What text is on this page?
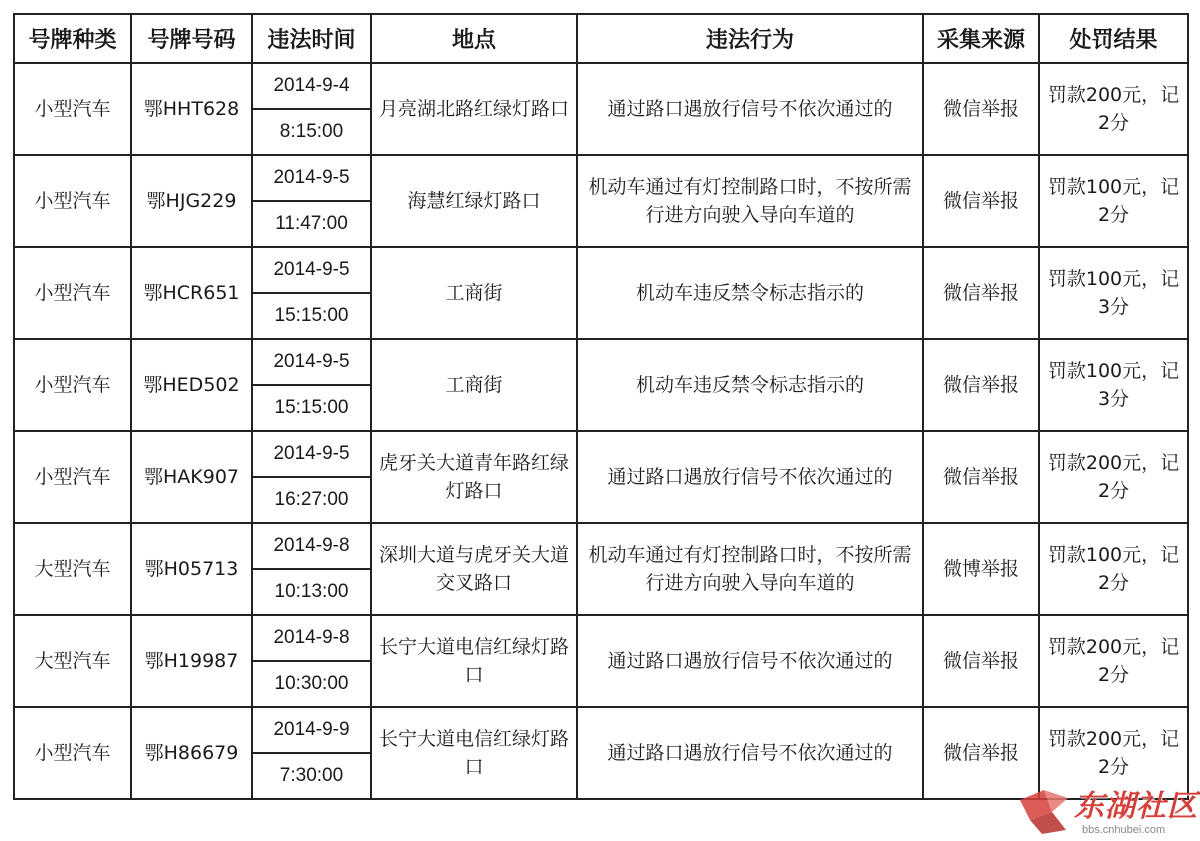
号牌种类	号牌号码	违法时间	地点	违法行为	采集来源	处罚结果
小型汽车	鄂HHT628	2014-9-4	月亮湖北路红绿灯路口	通过路口遇放行信号不依次通过的	微信举报	罚款200元，记2分
		8:15:00				
小型汽车	鄂HJG229	2014-9-5	海慧红绿灯路口	机动车通过有灯控制路口时，不按所需行进方向驶入导向车道的	微信举报	罚款100元，记2分
		11:47:00				
小型汽车	鄂HCR651	2014-9-5	工商街	机动车违反禁令标志指示的	微信举报	罚款100元，记3分
		15:15:00				
小型汽车	鄂HED502	2014-9-5	工商街	机动车违反禁令标志指示的	微信举报	罚款100元，记3分
		15:15:00				
小型汽车	鄂HAK907	2014-9-5	虎牙关大道青年路红绿灯路口	通过路口遇放行信号不依次通过的	微信举报	罚款200元，记2分
		16:27:00				
大型汽车	鄂H05713	2014-9-8	深圳大道与虎牙关大道交叉路口	机动车通过有灯控制路口时，不按所需行进方向驶入导向车道的	微博举报	罚款100元，记2分
		10:13:00				
大型汽车	鄂H19987	2014-9-8	长宁大道电信红绿灯路口	通过路口遇放行信号不依次通过的	微信举报	罚款200元，记2分
		10:30:00				
小型汽车	鄂H86679	2014-9-9	长宁大道电信红绿灯路口	通过路口遇放行信号不依次通过的	微信举报	罚款200元，记2分
		7:30:00				
东湖社区
bbs.cnhubei.com
